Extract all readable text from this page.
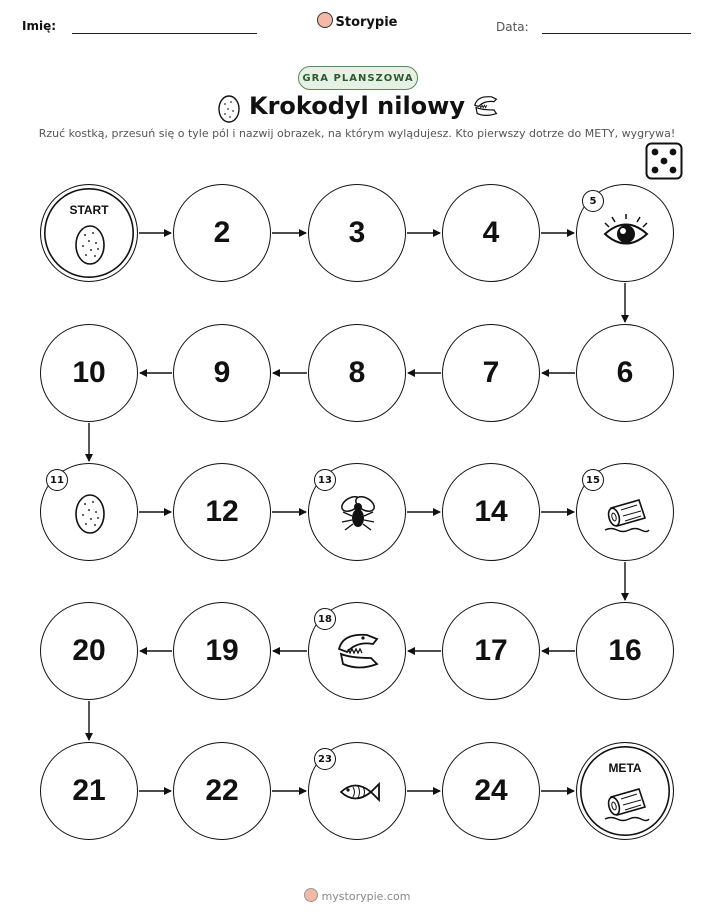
Imię:	Storypie	Data:
GRA PLANSZOWA
Krokodyl nilowy
Rzuć kostką, przesuń się o tyle pól i nazwij obrazek, na którym wylądujesz. Kto pierwszy dotrze do METY, wygrywa!
START
2	3	4
5
6
7
8
9
10
11
12
13
14
15
16
17
18
19
20
21	22
23
24
META
mystorypie.com
